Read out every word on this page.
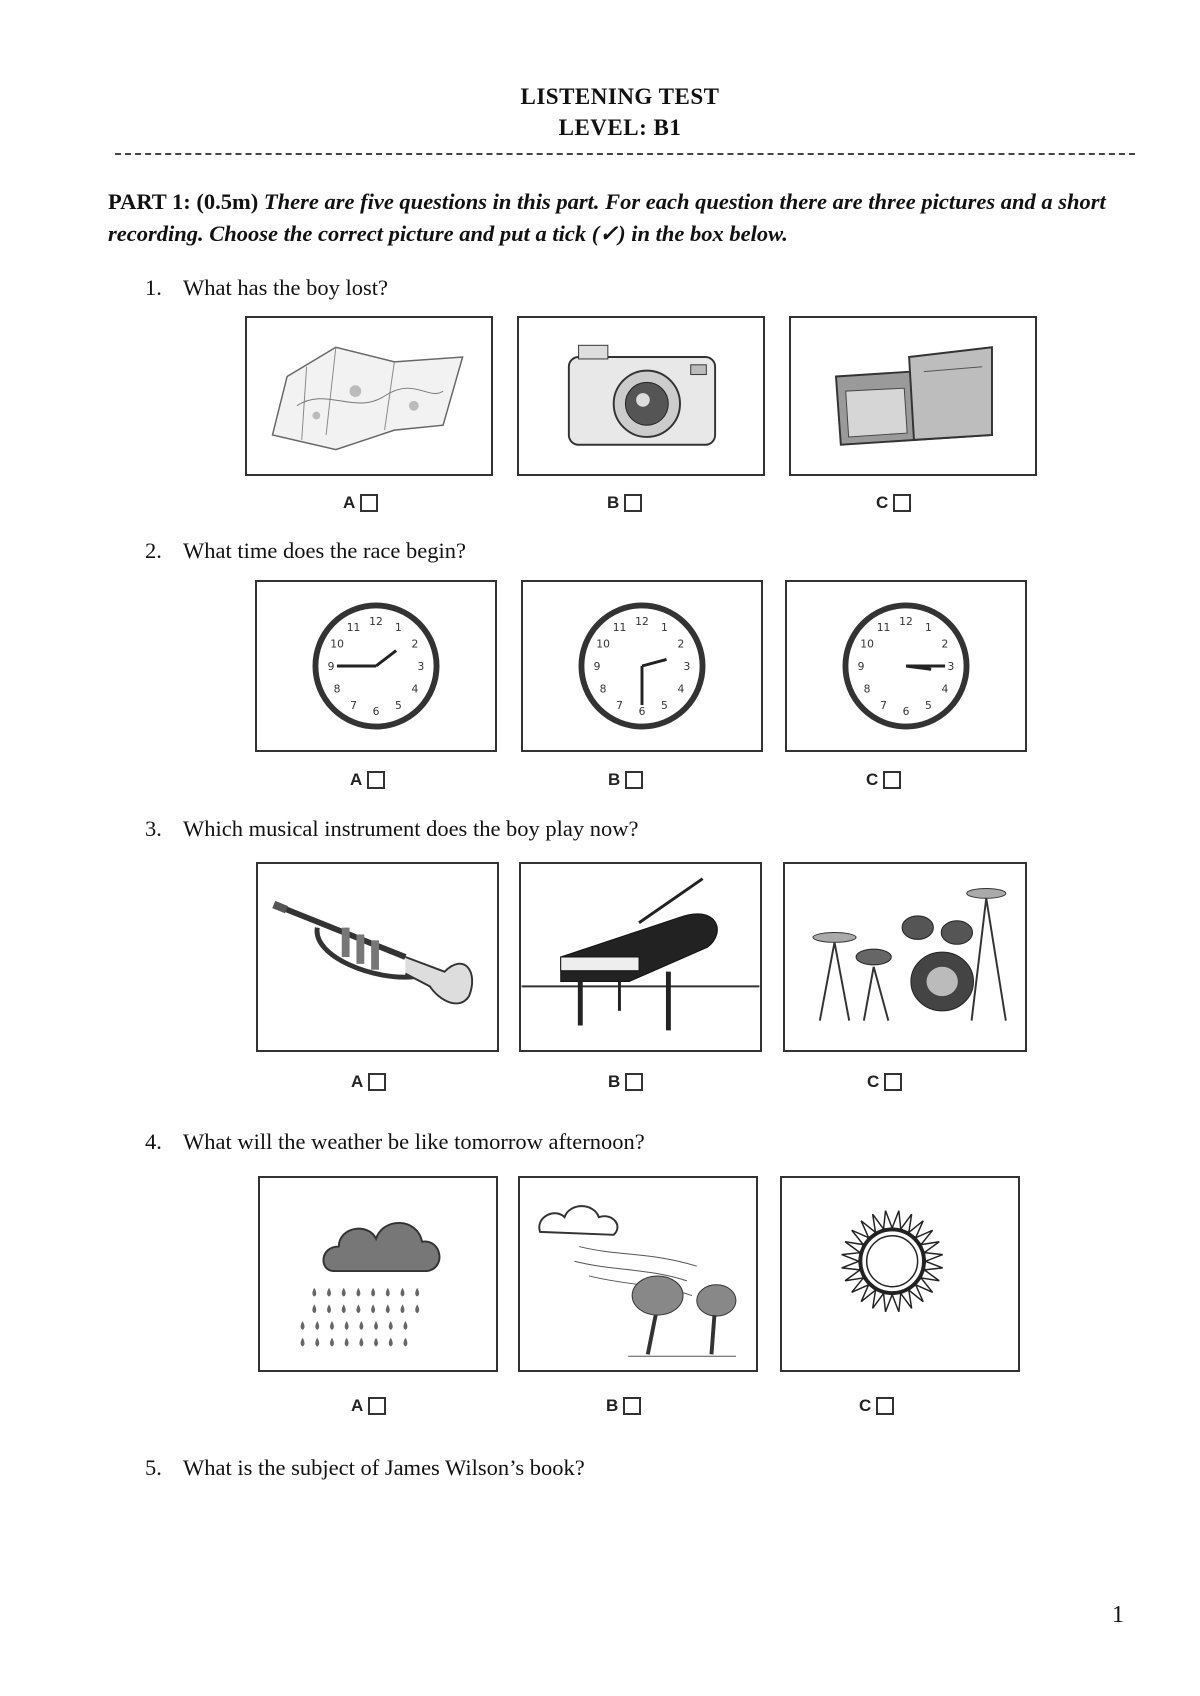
LISTENING TEST
LEVEL: B1
PART 1: (0.5m) There are five questions in this part. For each question there are three pictures and a short recording. Choose the correct picture and put a tick (✓) in the box below.
1. What has the boy lost?
A	B	C
2. What time does the race begin?
1
2
3
4
5
6
7
8
9
10
11 12	1
2
3
4
5
6
7
8
9
10
11 12	1
2
3
4
5
6
7
8
9
10
11 12
A	B	C
3. Which musical instrument does the boy play now?
A	B	C
4. What will the weather be like tomorrow afternoon?
A	B	C
5. What is the subject of James Wilson’s book?
1
